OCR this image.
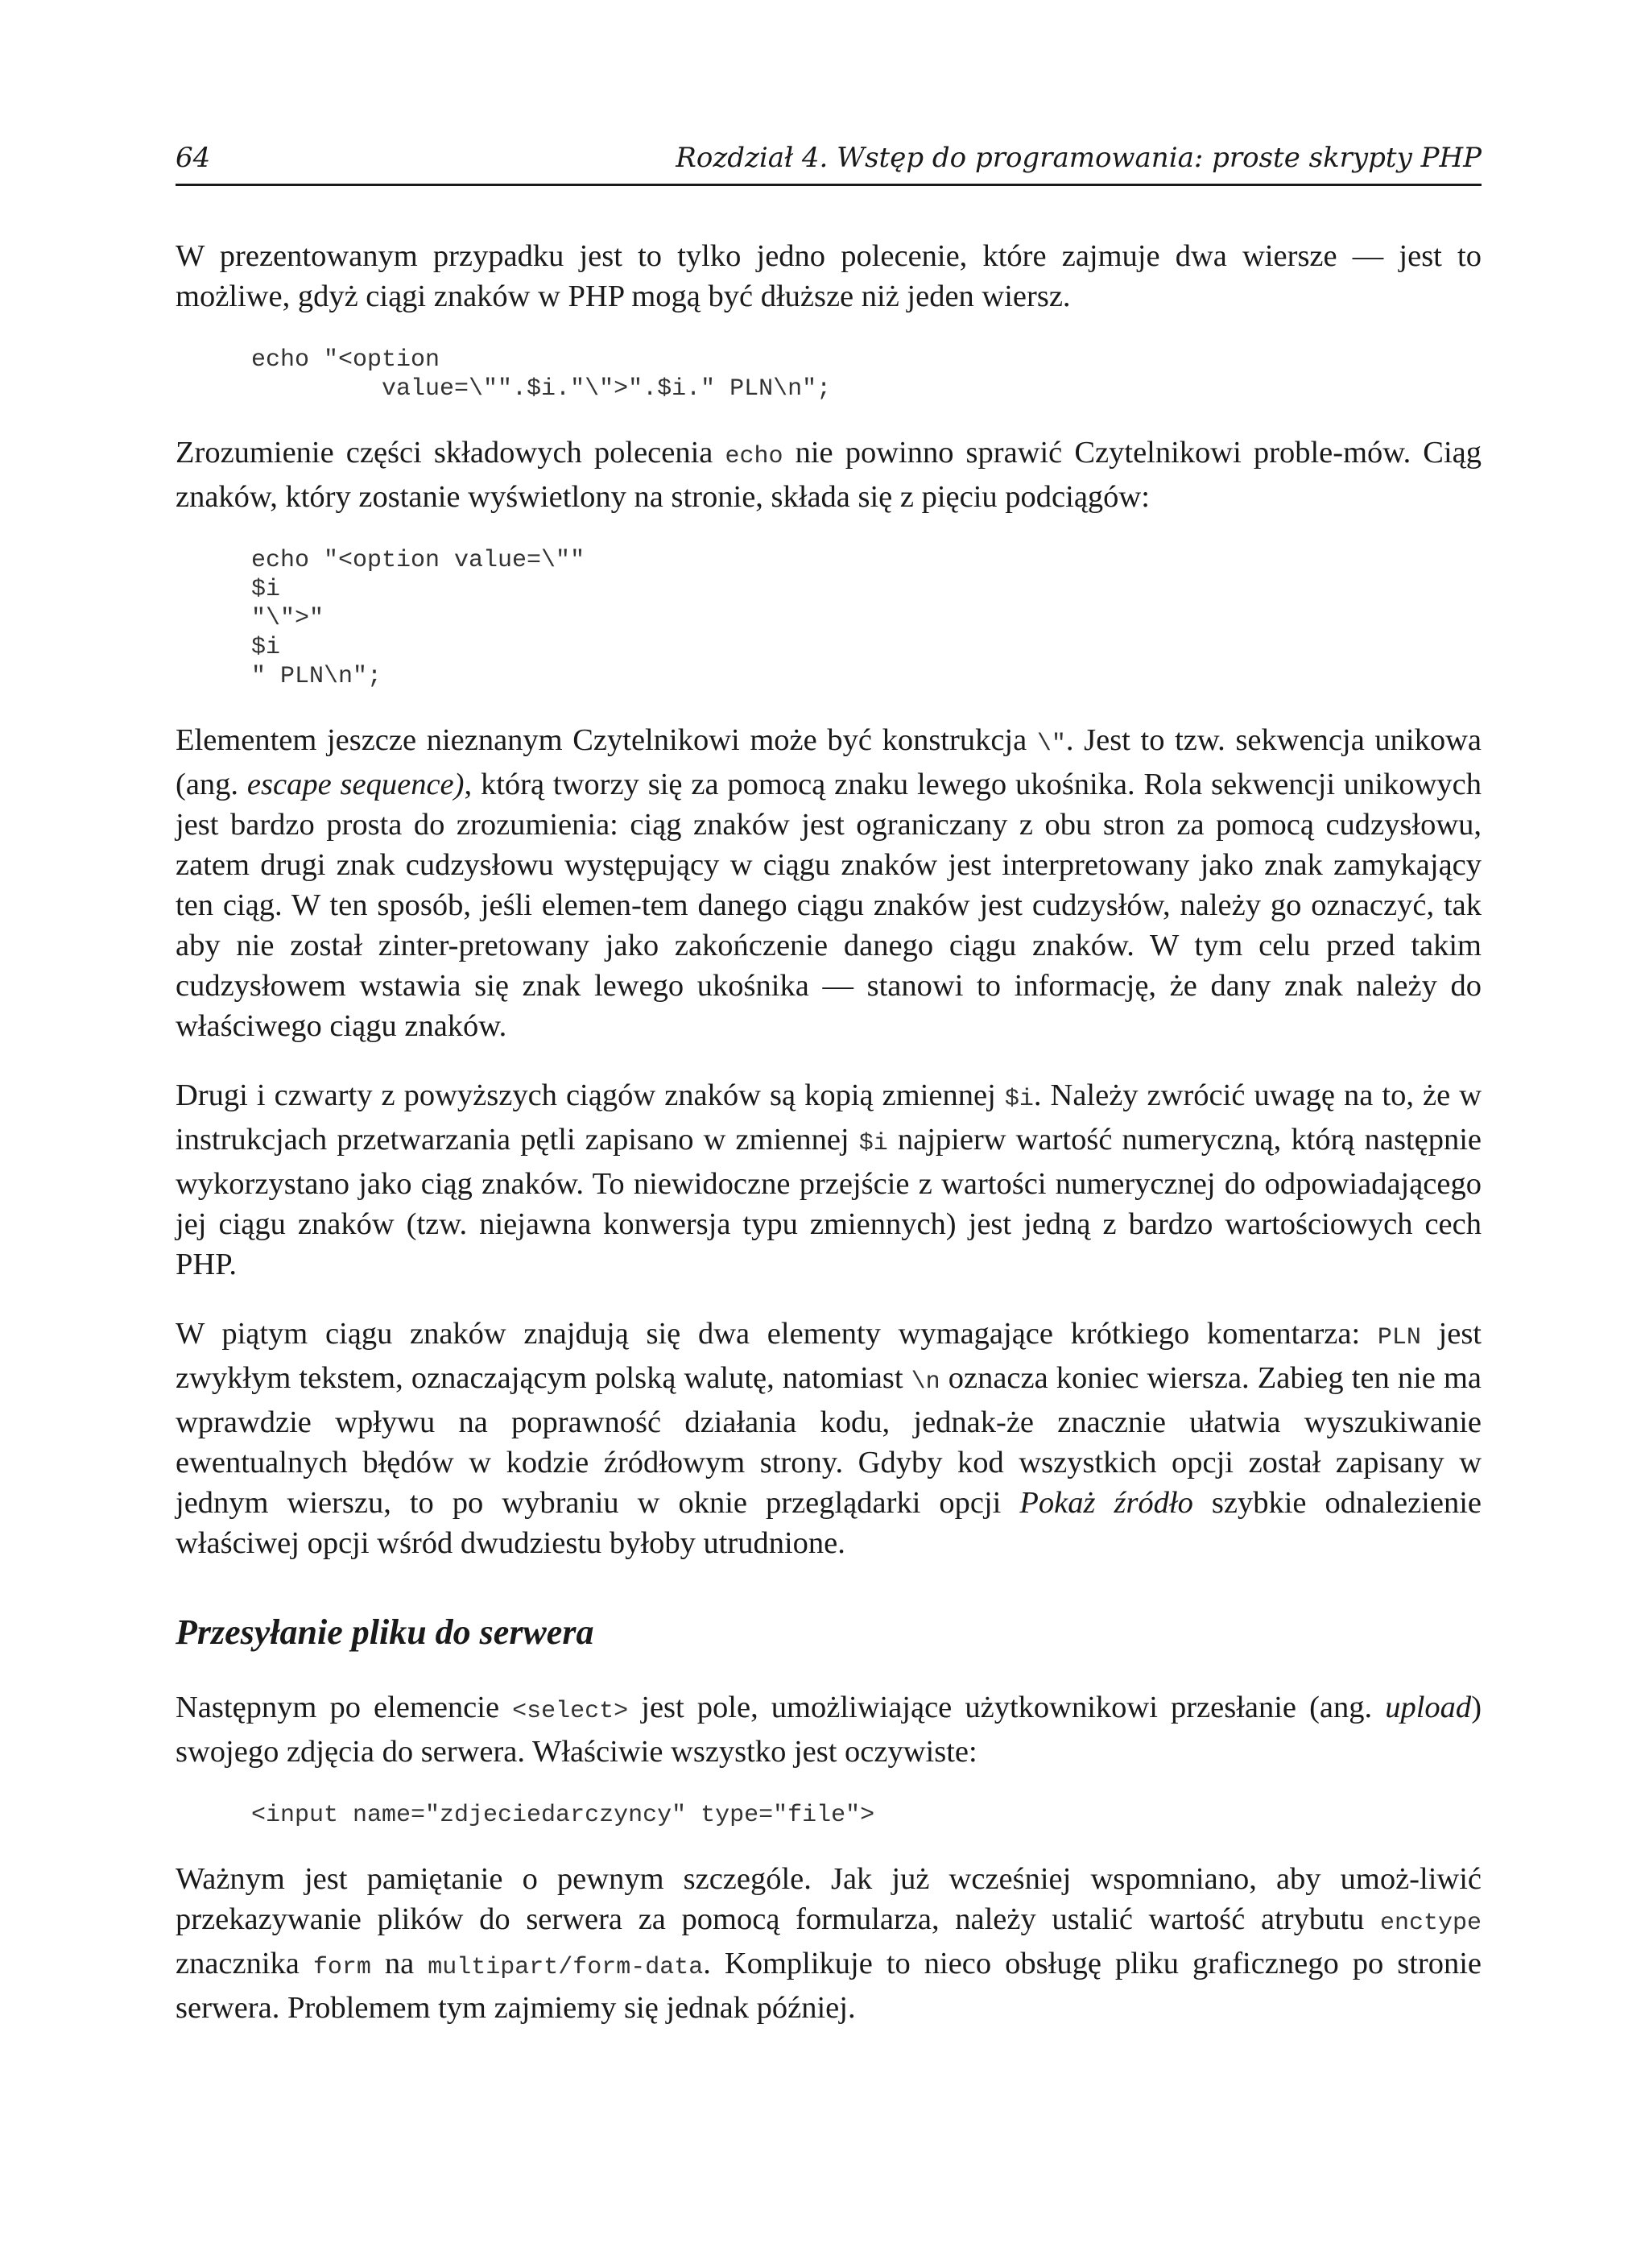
64	Rozdział 4. Wstęp do programowania: proste skrypty PHP

W prezentowanym przypadku jest to tylko jedno polecenie, które zajmuje dwa wiersze — jest to możliwe, gdyż ciągi znaków w PHP mogą być dłuższe niż jeden wiersz.

echo "<option
value=\"".$i."\">".$i." PLN\n";

Zrozumienie części składowych polecenia echo nie powinno sprawić Czytelnikowi proble-mów. Ciąg znaków, który zostanie wyświetlony na stronie, składa się z pięciu podciągów:

echo "<option value=\""
$i
"\">"
$i
" PLN\n";

Elementem jeszcze nieznanym Czytelnikowi może być konstrukcja \". Jest to tzw. sekwencja unikowa (ang. escape sequence), którą tworzy się za pomocą znaku lewego ukośnika. Rola sekwencji unikowych jest bardzo prosta do zrozumienia: ciąg znaków jest ograniczany z obu stron za pomocą cudzysłowu, zatem drugi znak cudzysłowu występujący w ciągu znaków jest interpretowany jako znak zamykający ten ciąg. W ten sposób, jeśli elemen-tem danego ciągu znaków jest cudzysłów, należy go oznaczyć, tak aby nie został zinter-pretowany jako zakończenie danego ciągu znaków. W tym celu przed takim cudzysłowem wstawia się znak lewego ukośnika — stanowi to informację, że dany znak należy do właściwego ciągu znaków.

Drugi i czwarty z powyższych ciągów znaków są kopią zmiennej $i. Należy zwrócić uwagę na to, że w instrukcjach przetwarzania pętli zapisano w zmiennej $i najpierw wartość numeryczną, którą następnie wykorzystano jako ciąg znaków. To niewidoczne przejście z wartości numerycznej do odpowiadającego jej ciągu znaków (tzw. niejawna konwersja typu zmiennych) jest jedną z bardzo wartościowych cech PHP.

W piątym ciągu znaków znajdują się dwa elementy wymagające krótkiego komentarza: PLN jest zwykłym tekstem, oznaczającym polską walutę, natomiast \n oznacza koniec wiersza. Zabieg ten nie ma wprawdzie wpływu na poprawność działania kodu, jednak-że znacznie ułatwia wyszukiwanie ewentualnych błędów w kodzie źródłowym strony. Gdyby kod wszystkich opcji został zapisany w jednym wierszu, to po wybraniu w oknie przeglądarki opcji Pokaż źródło szybkie odnalezienie właściwej opcji wśród dwudziestu byłoby utrudnione.

Przesyłanie pliku do serwera

Następnym po elemencie <select> jest pole, umożliwiające użytkownikowi przesłanie (ang. upload) swojego zdjęcia do serwera. Właściwie wszystko jest oczywiste:

<input name="zdjeciedarczyncy" type="file">

Ważnym jest pamiętanie o pewnym szczególe. Jak już wcześniej wspomniano, aby umoż-liwić przekazywanie plików do serwera za pomocą formularza, należy ustalić wartość atrybutu enctype znacznika form na multipart/form-data. Komplikuje to nieco obsługę pliku graficznego po stronie serwera. Problemem tym zajmiemy się jednak później.
